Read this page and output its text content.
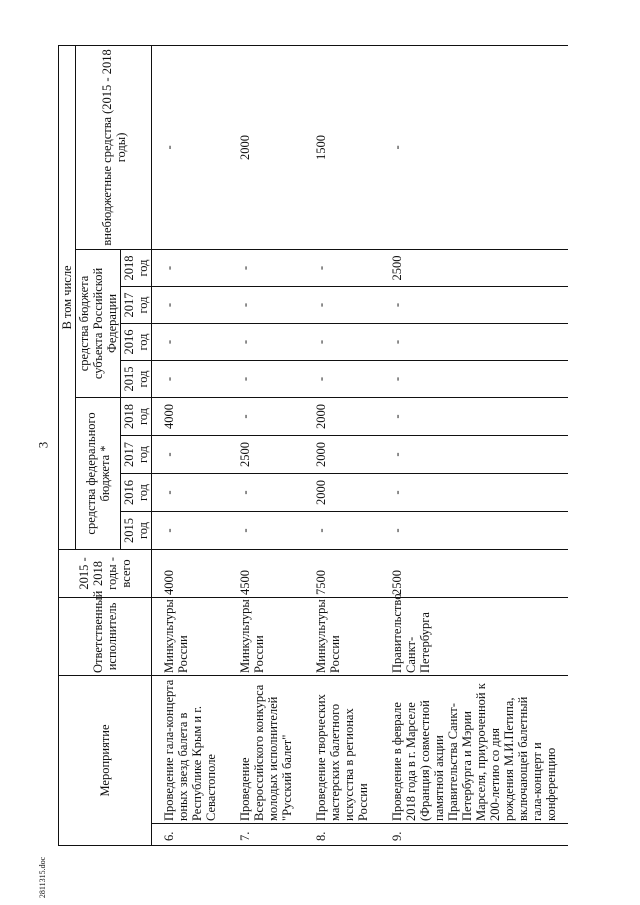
3
2811315.doc
Мероприятие		Ответственный исполнитель	2015 - 2018 годы - всего	В том числе								
				средства федерального бюджета *				средства бюджета субъекта Российской Федерации				внебюджетные средства (2015 - 2018 годы)
				2015 год	2016 год	2017 год	2018 год	2015 год	2016 год	2017 год	2018 год	
6.	Проведение гала-концерта юных звезд балета в Республике Крым и г. Севастополе	Минкультуры России	4000	-	-	-	4000	-	-	-	-	-
7.	Проведение Всероссийского конкурса молодых исполнителей "Русский балет"	Минкультуры России	4500	-	-	2500	-	-	-	-	-	2000
8.	Проведение творческих мастерских балетного искусства в регионах России	Минкультуры России	7500	-	2000	2000	2000	-	-	-	-	1500
9.	Проведение в феврале 2018 года в г. Марселе (Франция) совместной памятной акции Правительства Санкт-Петербурга и Мэрии Марселя, приуроченной к 200-летию со дня рождения М.И.Петипа, включающей балетный гала-концерт и конференцию	Правительство Санкт-Петербурга	2500	-	-	-	-	-	-	-	2500	-
